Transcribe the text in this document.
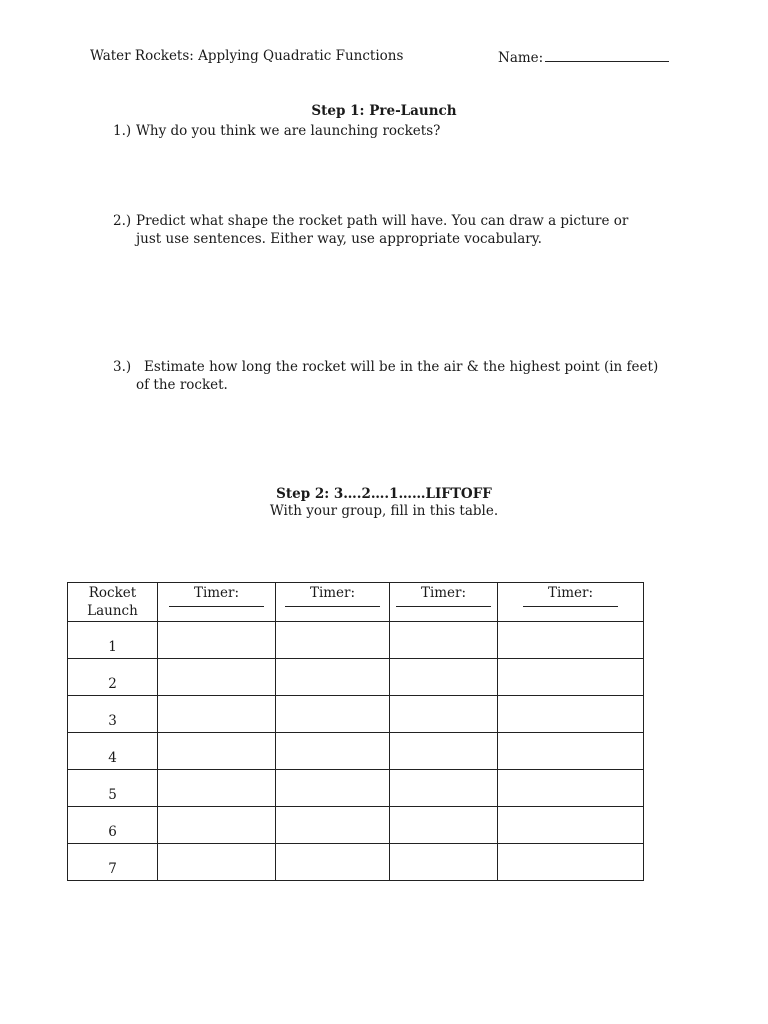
Water Rockets: Applying Quadratic Functions	Name:
Step 1: Pre-Launch
1.) Why do you think we are launching rockets?
2.) Predict what shape the rocket path will have. You can draw a picture or just use sentences. Either way, use appropriate vocabulary.
3.) Estimate how long the rocket will be in the air & the highest point (in feet) of the rocket.
Step 2: 3….2….1……LIFTOFF
With your group, fill in this table.
Rocket
Launch	Timer:	Timer:	Timer:	Timer:

1				

2				

3				

4				

5				

6				

7				
